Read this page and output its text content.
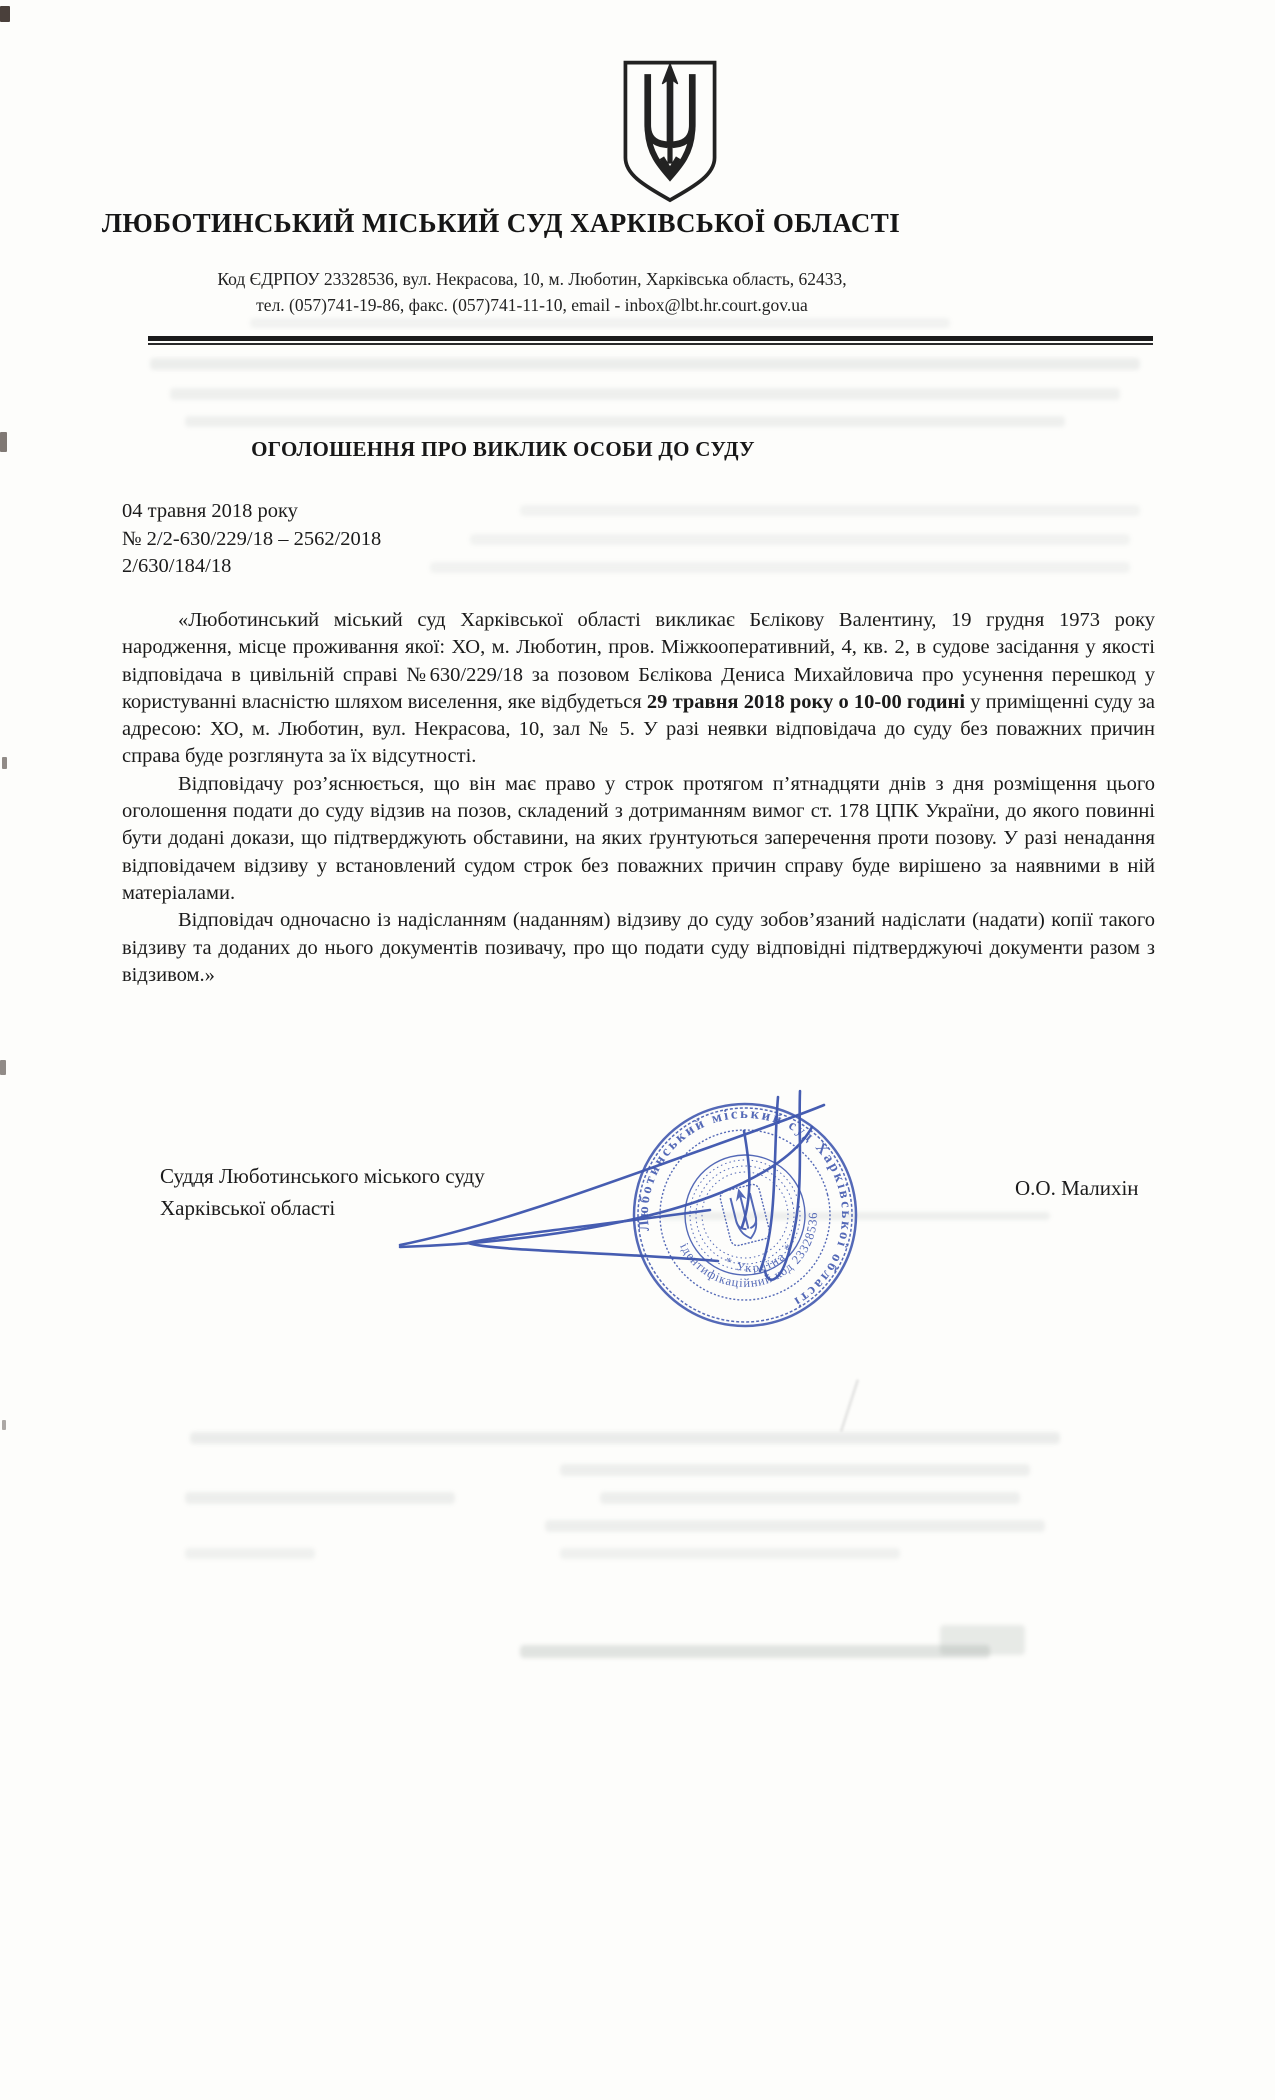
ЛЮБОТИНСЬКИЙ МІСЬКИЙ СУД ХАРКІВСЬКОЇ ОБЛАСТІ
Код ЄДРПОУ 23328536, вул. Некрасова, 10, м. Люботин, Харківська область, 62433,
тел. (057)741-19-86, факс. (057)741-11-10, email - inbox@lbt.hr.court.gov.ua
ОГОЛОШЕННЯ ПРО ВИКЛИК ОСОБИ ДО СУДУ
04 травня 2018 року
№ 2/2-630/229/18 – 2562/2018
2/630/184/18

«Люботинський міський суд Харківської області викликає Бєлікову Валентину, 19 грудня 1973 року народження, місце проживання якої: ХО, м. Люботин, пров. Міжкооперативний, 4, кв. 2, в судове засідання у якості відповідача в цивільній справі №630/229/18 за позовом Бєлікова Дениса Михайловича про усунення перешкод у користуванні власністю шляхом виселення, яке відбудеться 29 травня 2018 року о 10-00 годині у приміщенні суду за адресою: ХО, м. Люботин, вул. Некрасова, 10, зал № 5. У разі неявки відповідача до суду без поважних причин справа буде розглянута за їх відсутності.

Відповідачу роз’яснюється, що він має право у строк протягом п’ятнадцяти днів з дня розміщення цього оголошення подати до суду відзив на позов, складений з дотриманням вимог ст. 178 ЦПК України, до якого повинні бути додані докази, що підтверджують обставини, на яких ґрунтуються заперечення проти позову. У разі ненадання відповідачем відзиву у встановлений судом строк без поважних причин справу буде вирішено за наявними в ній матеріалами.

Відповідач одночасно із надісланням (наданням) відзиву до суду зобов’язаний надіслати (надати) копії такого відзиву та доданих до нього документів позивачу, про що подати суду відповідні підтверджуючі документи разом з відзивом.»

Суддя Люботинського міського суду
Харківської області
О.О. Малихін
Люботинський міський суд Харківської області
ідентифікаційний код 23328536
* Україна *
